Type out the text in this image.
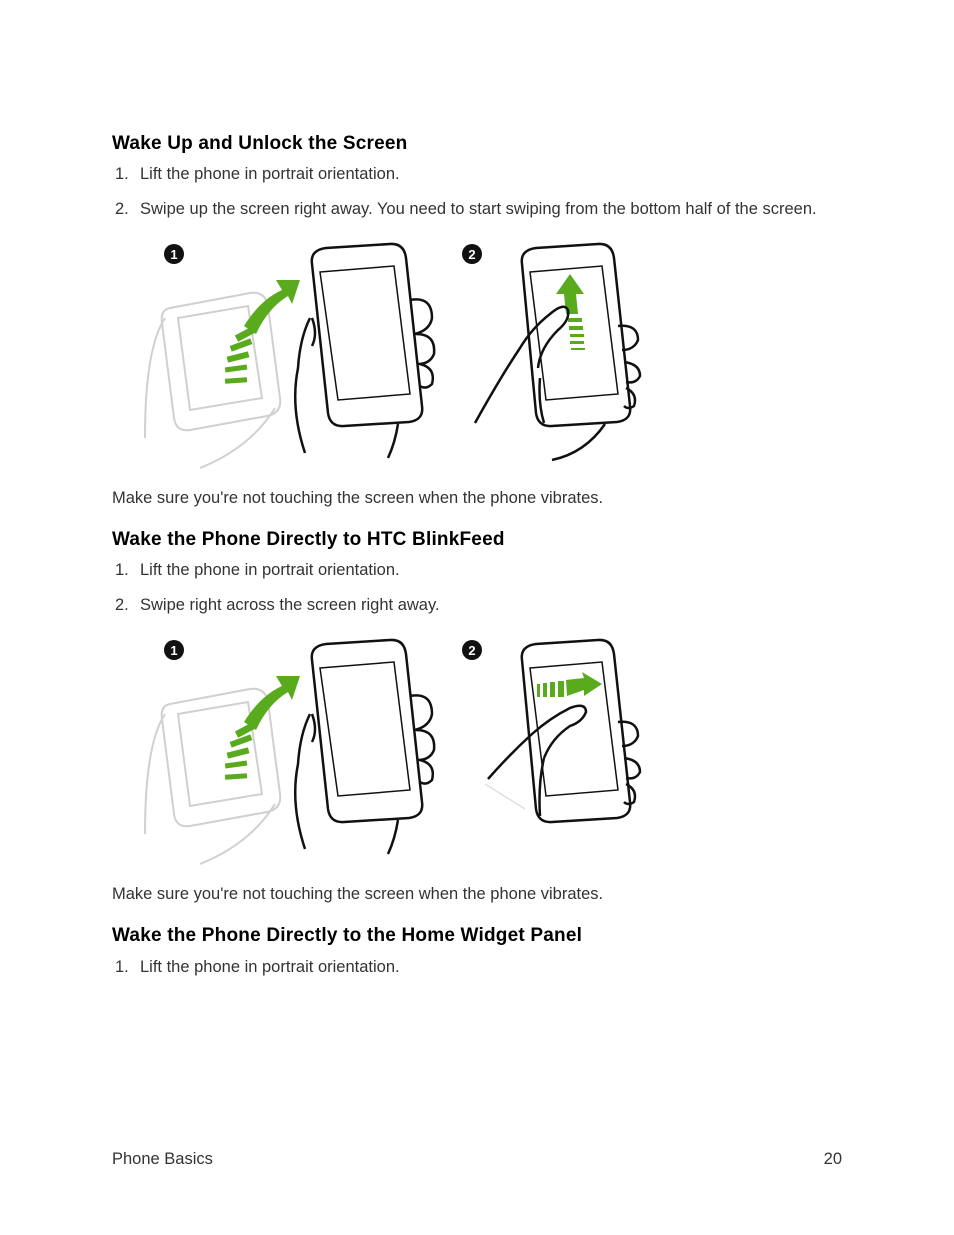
Wake Up and Unlock the Screen
1. Lift the phone in portrait orientation.
2. Swipe up the screen right away. You need to start swiping from the bottom half of the screen.
1	2

Make sure you're not touching the screen when the phone vibrates.

Wake the Phone Directly to HTC BlinkFeed
1. Lift the phone in portrait orientation.
2. Swipe right across the screen right away.
1	2

Make sure you're not touching the screen when the phone vibrates.

Wake the Phone Directly to the Home Widget Panel
1. Lift the phone in portrait orientation.
Phone Basics	20
